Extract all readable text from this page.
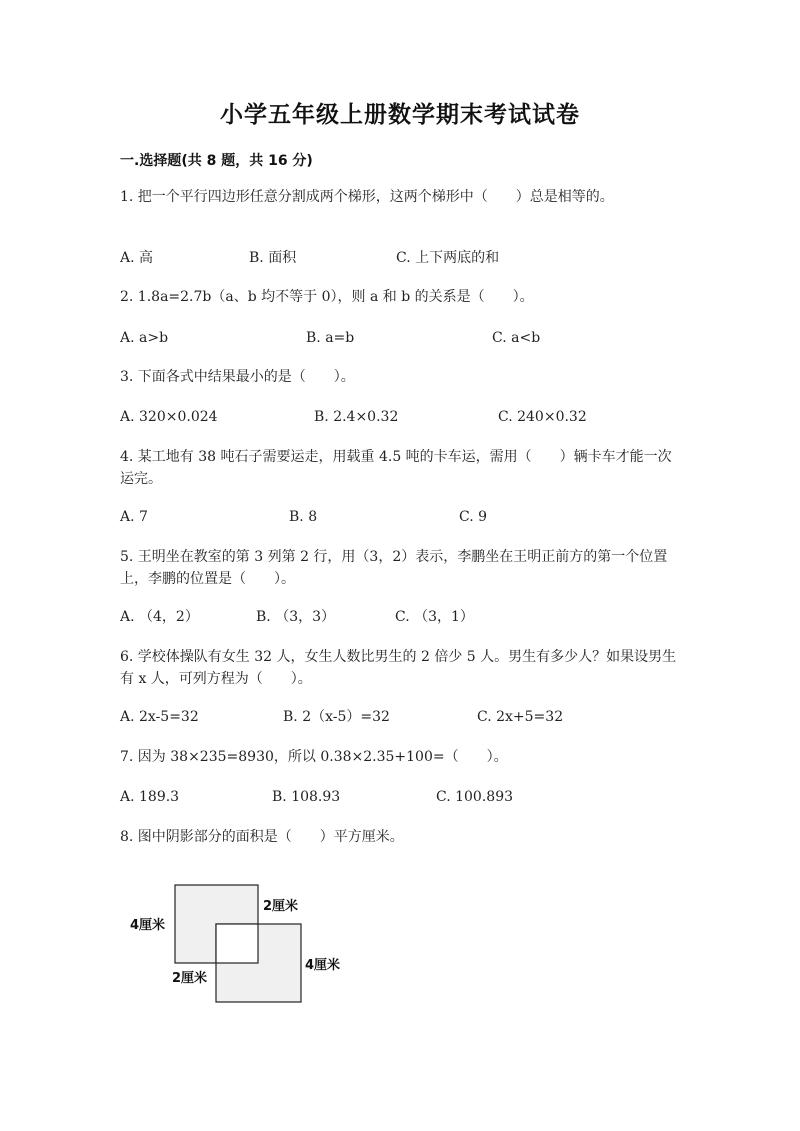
小学五年级上册数学期末考试试卷
一.选择题(共 8 题，共 16 分)
1. 把一个平行四边形任意分割成两个梯形，这两个梯形中（　　）总是相等的。
A. 高	B. 面积	C. 上下两底的和
2. 1.8a=2.7b（a、b 均不等于 0），则 a 和 b 的关系是（　　）。
A. a>b	B. a=b	C. a<b
3. 下面各式中结果最小的是（　　）。
A. 320×0.024	B. 2.4×0.32	C. 240×0.32
4. 某工地有 38 吨石子需要运走，用载重 4.5 吨的卡车运，需用（　　）辆卡车才能一次运完。
A. 7	B. 8	C. 9
5. 王明坐在教室的第 3 列第 2 行，用（3，2）表示，李鹏坐在王明正前方的第一个位置上，李鹏的位置是（　　）。
A. （4，2）	B. （3，3）	C. （3，1）
6. 学校体操队有女生 32 人，女生人数比男生的 2 倍少 5 人。男生有多少人？如果设男生有 x 人，可列方程为（　　）。
A. 2x-5=32	B. 2（x-5）=32	C. 2x+5=32
7. 因为 38×235=8930，所以 0.38×2.35+100=（　　）。
A. 189.3	B. 108.93	C. 100.893
8. 图中阴影部分的面积是（　　）平方厘米。
4厘米
2厘米
2厘米
4厘米
